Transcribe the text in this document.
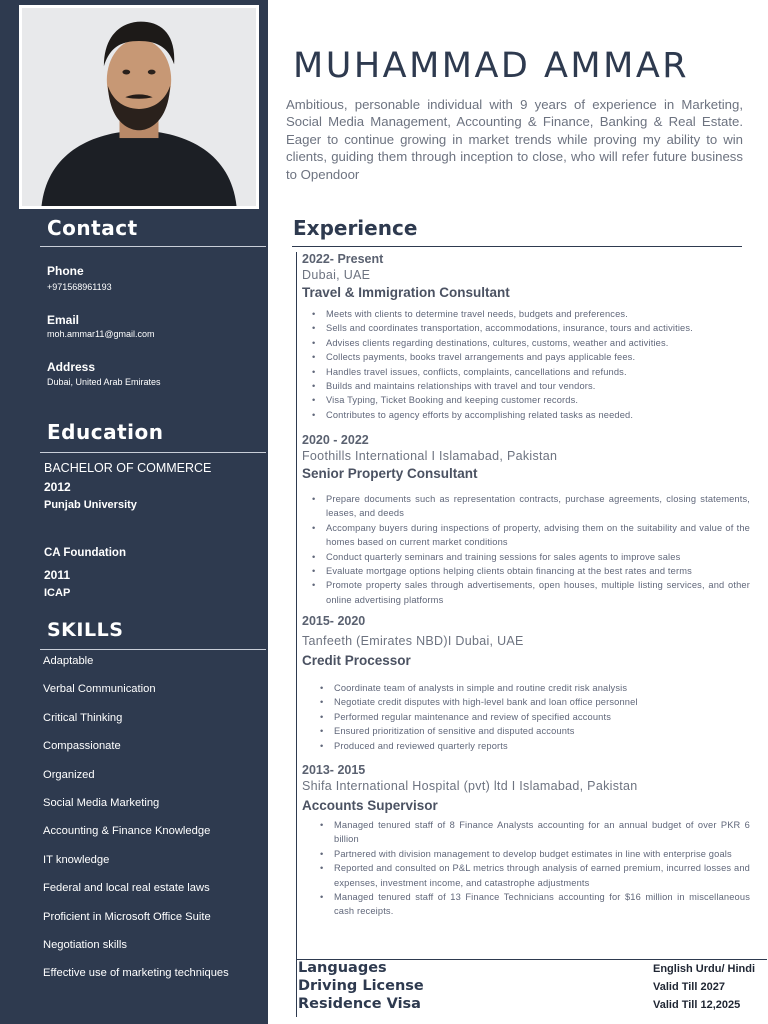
Contact
Phone
+971568961193
Email
moh.ammar11@gmail.com
Address
Dubai, United Arab Emirates
Education
BACHELOR OF COMMERCE
2012
Punjab University
CA Foundation
2011
ICAP
SKILLS
Adaptable
Verbal Communication
Critical Thinking
Compassionate
Organized
Social Media Marketing
Accounting & Finance Knowledge
IT knowledge
Federal and local real estate laws
Proficient in Microsoft Office Suite
Negotiation skills
Effective use of marketing techniques
MUHAMMAD AMMAR
Ambitious, personable individual with 9 years of experience in Marketing, Social Media Management, Accounting & Finance, Banking & Real Estate. Eager to continue growing in market trends while proving my ability to win clients, guiding them through inception to close, who will refer future business to Opendoor
Experience
2022- Present
Dubai, UAE
Travel & Immigration Consultant
• Meets with clients to determine travel needs, budgets and preferences.
• Sells and coordinates transportation, accommodations, insurance, tours and activities.
• Advises clients regarding destinations, cultures, customs, weather and activities.
• Collects payments, books travel arrangements and pays applicable fees.
• Handles travel issues, conflicts, complaints, cancellations and refunds.
• Builds and maintains relationships with travel and tour vendors.
• Visa Typing, Ticket Booking and keeping customer records.
• Contributes to agency efforts by accomplishing related tasks as needed.
2020 - 2022
Foothills International I Islamabad, Pakistan
Senior Property Consultant
• Prepare documents such as representation contracts, purchase agreements, closing statements, leases, and deeds
• Accompany buyers during inspections of property, advising them on the suitability and value of the homes based on current market conditions
• Conduct quarterly seminars and training sessions for sales agents to improve sales
• Evaluate mortgage options helping clients obtain financing at the best rates and terms
• Promote property sales through advertisements, open houses, multiple listing services, and other online advertising platforms
2015- 2020
Tanfeeth (Emirates NBD)I Dubai, UAE
Credit Processor
• Coordinate team of analysts in simple and routine credit risk analysis
• Negotiate credit disputes with high-level bank and loan office personnel
• Performed regular maintenance and review of specified accounts
• Ensured prioritization of sensitive and disputed accounts
• Produced and reviewed quarterly reports
2013- 2015
Shifa International Hospital (pvt) ltd I Islamabad, Pakistan
Accounts Supervisor
• Managed tenured staff of 8 Finance Analysts accounting for an annual budget of over PKR 6 billion
• Partnered with division management to develop budget estimates in line with enterprise goals
• Reported and consulted on P&L metrics through analysis of earned premium, incurred losses and expenses, investment income, and catastrophe adjustments
• Managed tenured staff of 13 Finance Technicians accounting for $16 million in miscellaneous cash receipts.
Languages	English Urdu/ Hindi
Driving License	Valid Till 2027
Residence Visa	Valid Till 12,2025
